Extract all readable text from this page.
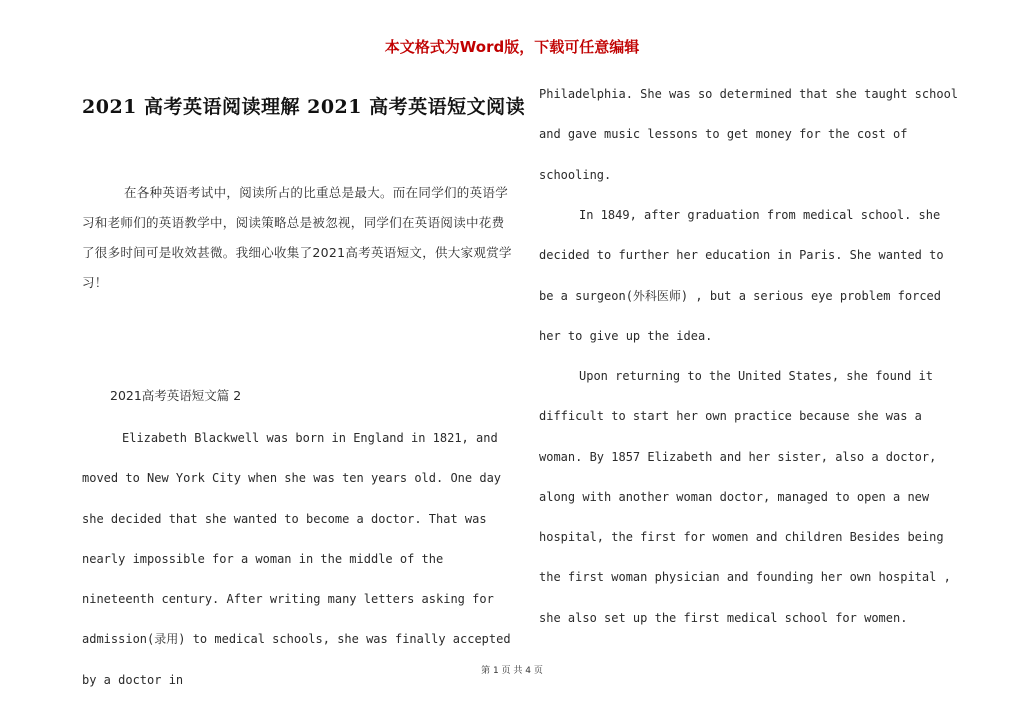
本文格式为Word版，下载可任意编辑
2021 高考英语阅读理解 2021 高考英语短文阅读

在各种英语考试中，阅读所占的比重总是最大。而在同学们的英语学习和老师们的英语教学中，阅读策略总是被忽视，同学们在英语阅读中花费了很多时间可是收效甚微。我细心收集了2021高考英语短文，供大家观赏学习！

2021高考英语短文篇 2

Elizabeth Blackwell was born in England in 1821, and moved to New York City when she was ten years old. One day she decided that she wanted to become a doctor. That was nearly impossible for a woman in the middle of the nineteenth century. After writing many letters asking for admission(录用) to medical schools, she was finally accepted by a doctor in

Philadelphia. She was so determined that she taught school and gave music lessons to get money for the cost of schooling.

In 1849, after graduation from medical school. she decided to further her education in Paris. She wanted to be a surgeon(外科医师) , but a serious eye problem forced her to give up the idea.

Upon returning to the United States, she found it difficult to start her own practice because she was a woman. By 1857 Elizabeth and her sister, also a doctor, along with another woman doctor, managed to open a new hospital, the first for women and children Besides being the first woman physician and founding her own hospital , she also set up the first medical school for women.

第 1 页 共 4 页
